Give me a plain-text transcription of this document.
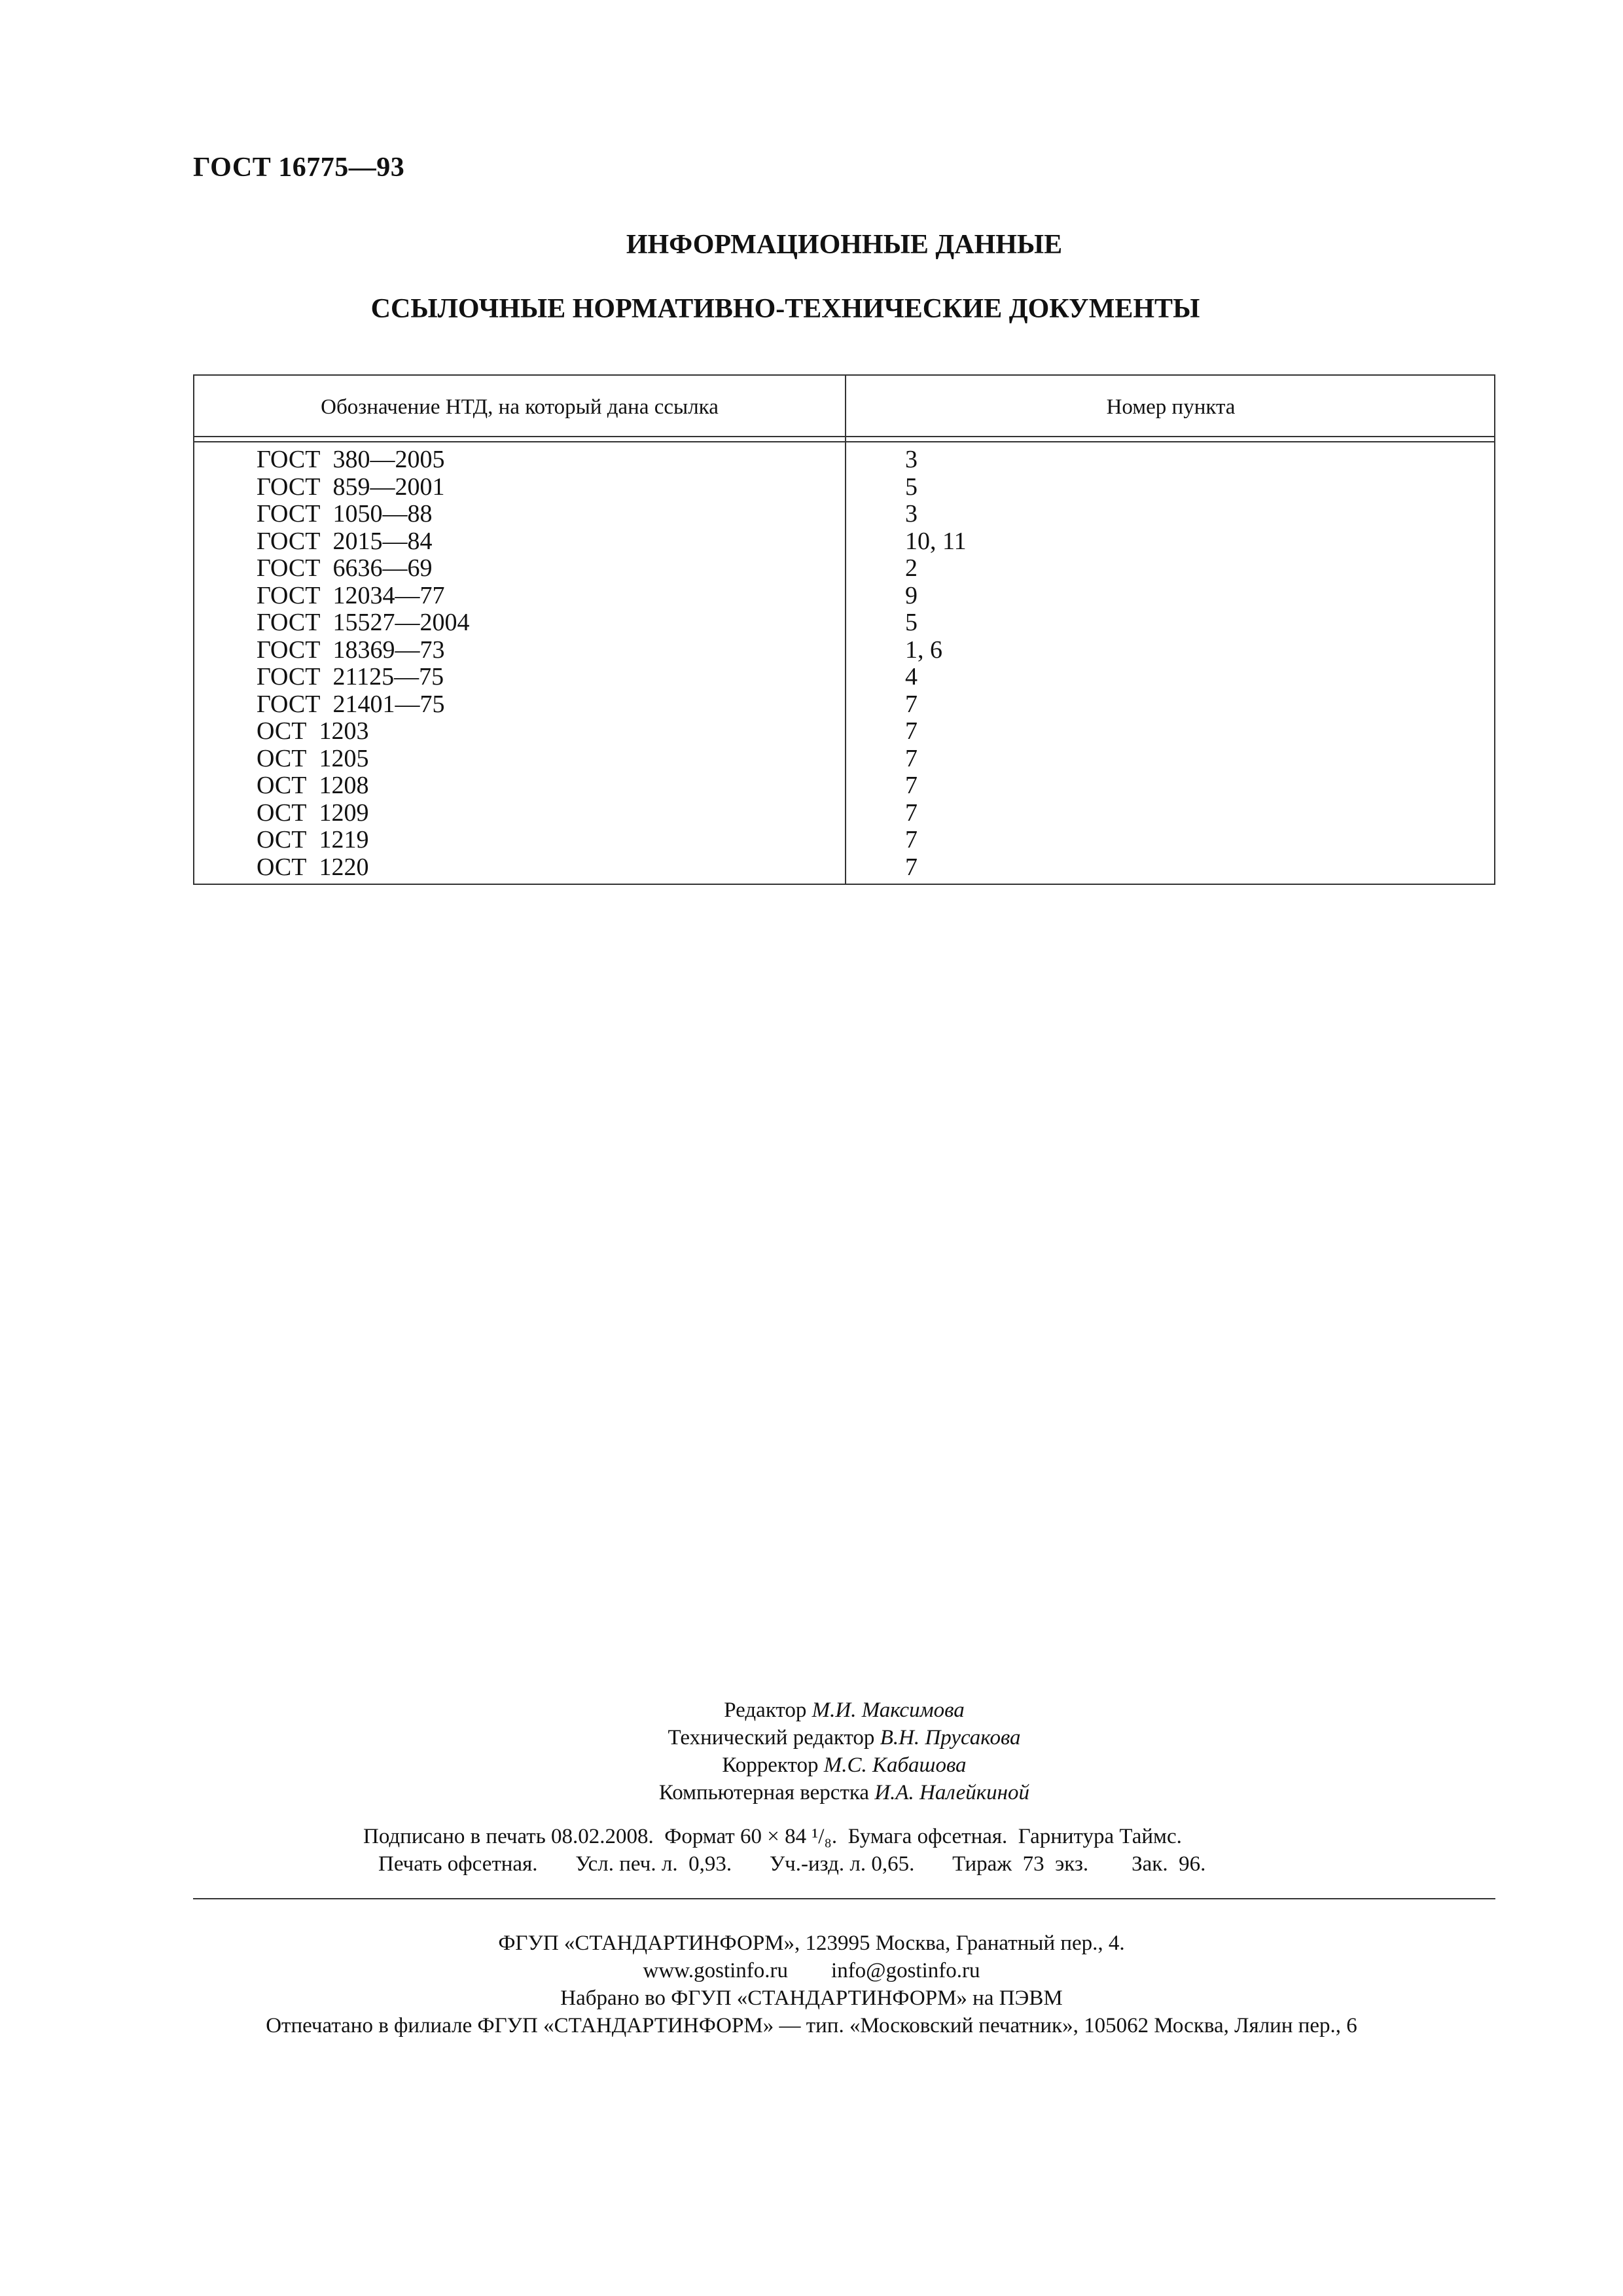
ГОСТ 16775—93
ИНФОРМАЦИОННЫЕ ДАННЫЕ
ССЫЛОЧНЫЕ НОРМАТИВНО-ТЕХНИЧЕСКИЕ ДОКУМЕНТЫ
Обозначение НТД, на который дана ссылка	Номер пункта
ГОСТ  380—2005	3
ГОСТ  859—2001	5
ГОСТ  1050—88	3
ГОСТ  2015—84	10, 11
ГОСТ  6636—69	2
ГОСТ  12034—77	9
ГОСТ  15527—2004	5
ГОСТ  18369—73	1, 6
ГОСТ  21125—75	4
ГОСТ  21401—75	7
ОСТ  1203	7
ОСТ  1205	7
ОСТ  1208	7
ОСТ  1209	7
ОСТ  1219	7
ОСТ  1220	7
Редактор М.И. Максимова
Технический редактор В.Н. Прусакова
Корректор М.С. Кабашова
Компьютерная верстка И.А. Налейкиной
Подписано в печать 08.02.2008.  Формат 60 × 84 ¹/₈.  Бумага офсетная.  Гарнитура Таймс.
Печать офсетная.       Усл. печ. л.  0,93.       Уч.-изд. л. 0,65.       Тираж  73  экз.        Зак.  96.
ФГУП «СТАНДАРТИНФОРМ», 123995 Москва, Гранатный пер., 4.
www.gostinfo.ru        info@gostinfo.ru
Набрано во ФГУП «СТАНДАРТИНФОРМ» на ПЭВМ
Отпечатано в филиале ФГУП «СТАНДАРТИНФОРМ» — тип. «Московский печатник», 105062 Москва, Лялин пер., 6
